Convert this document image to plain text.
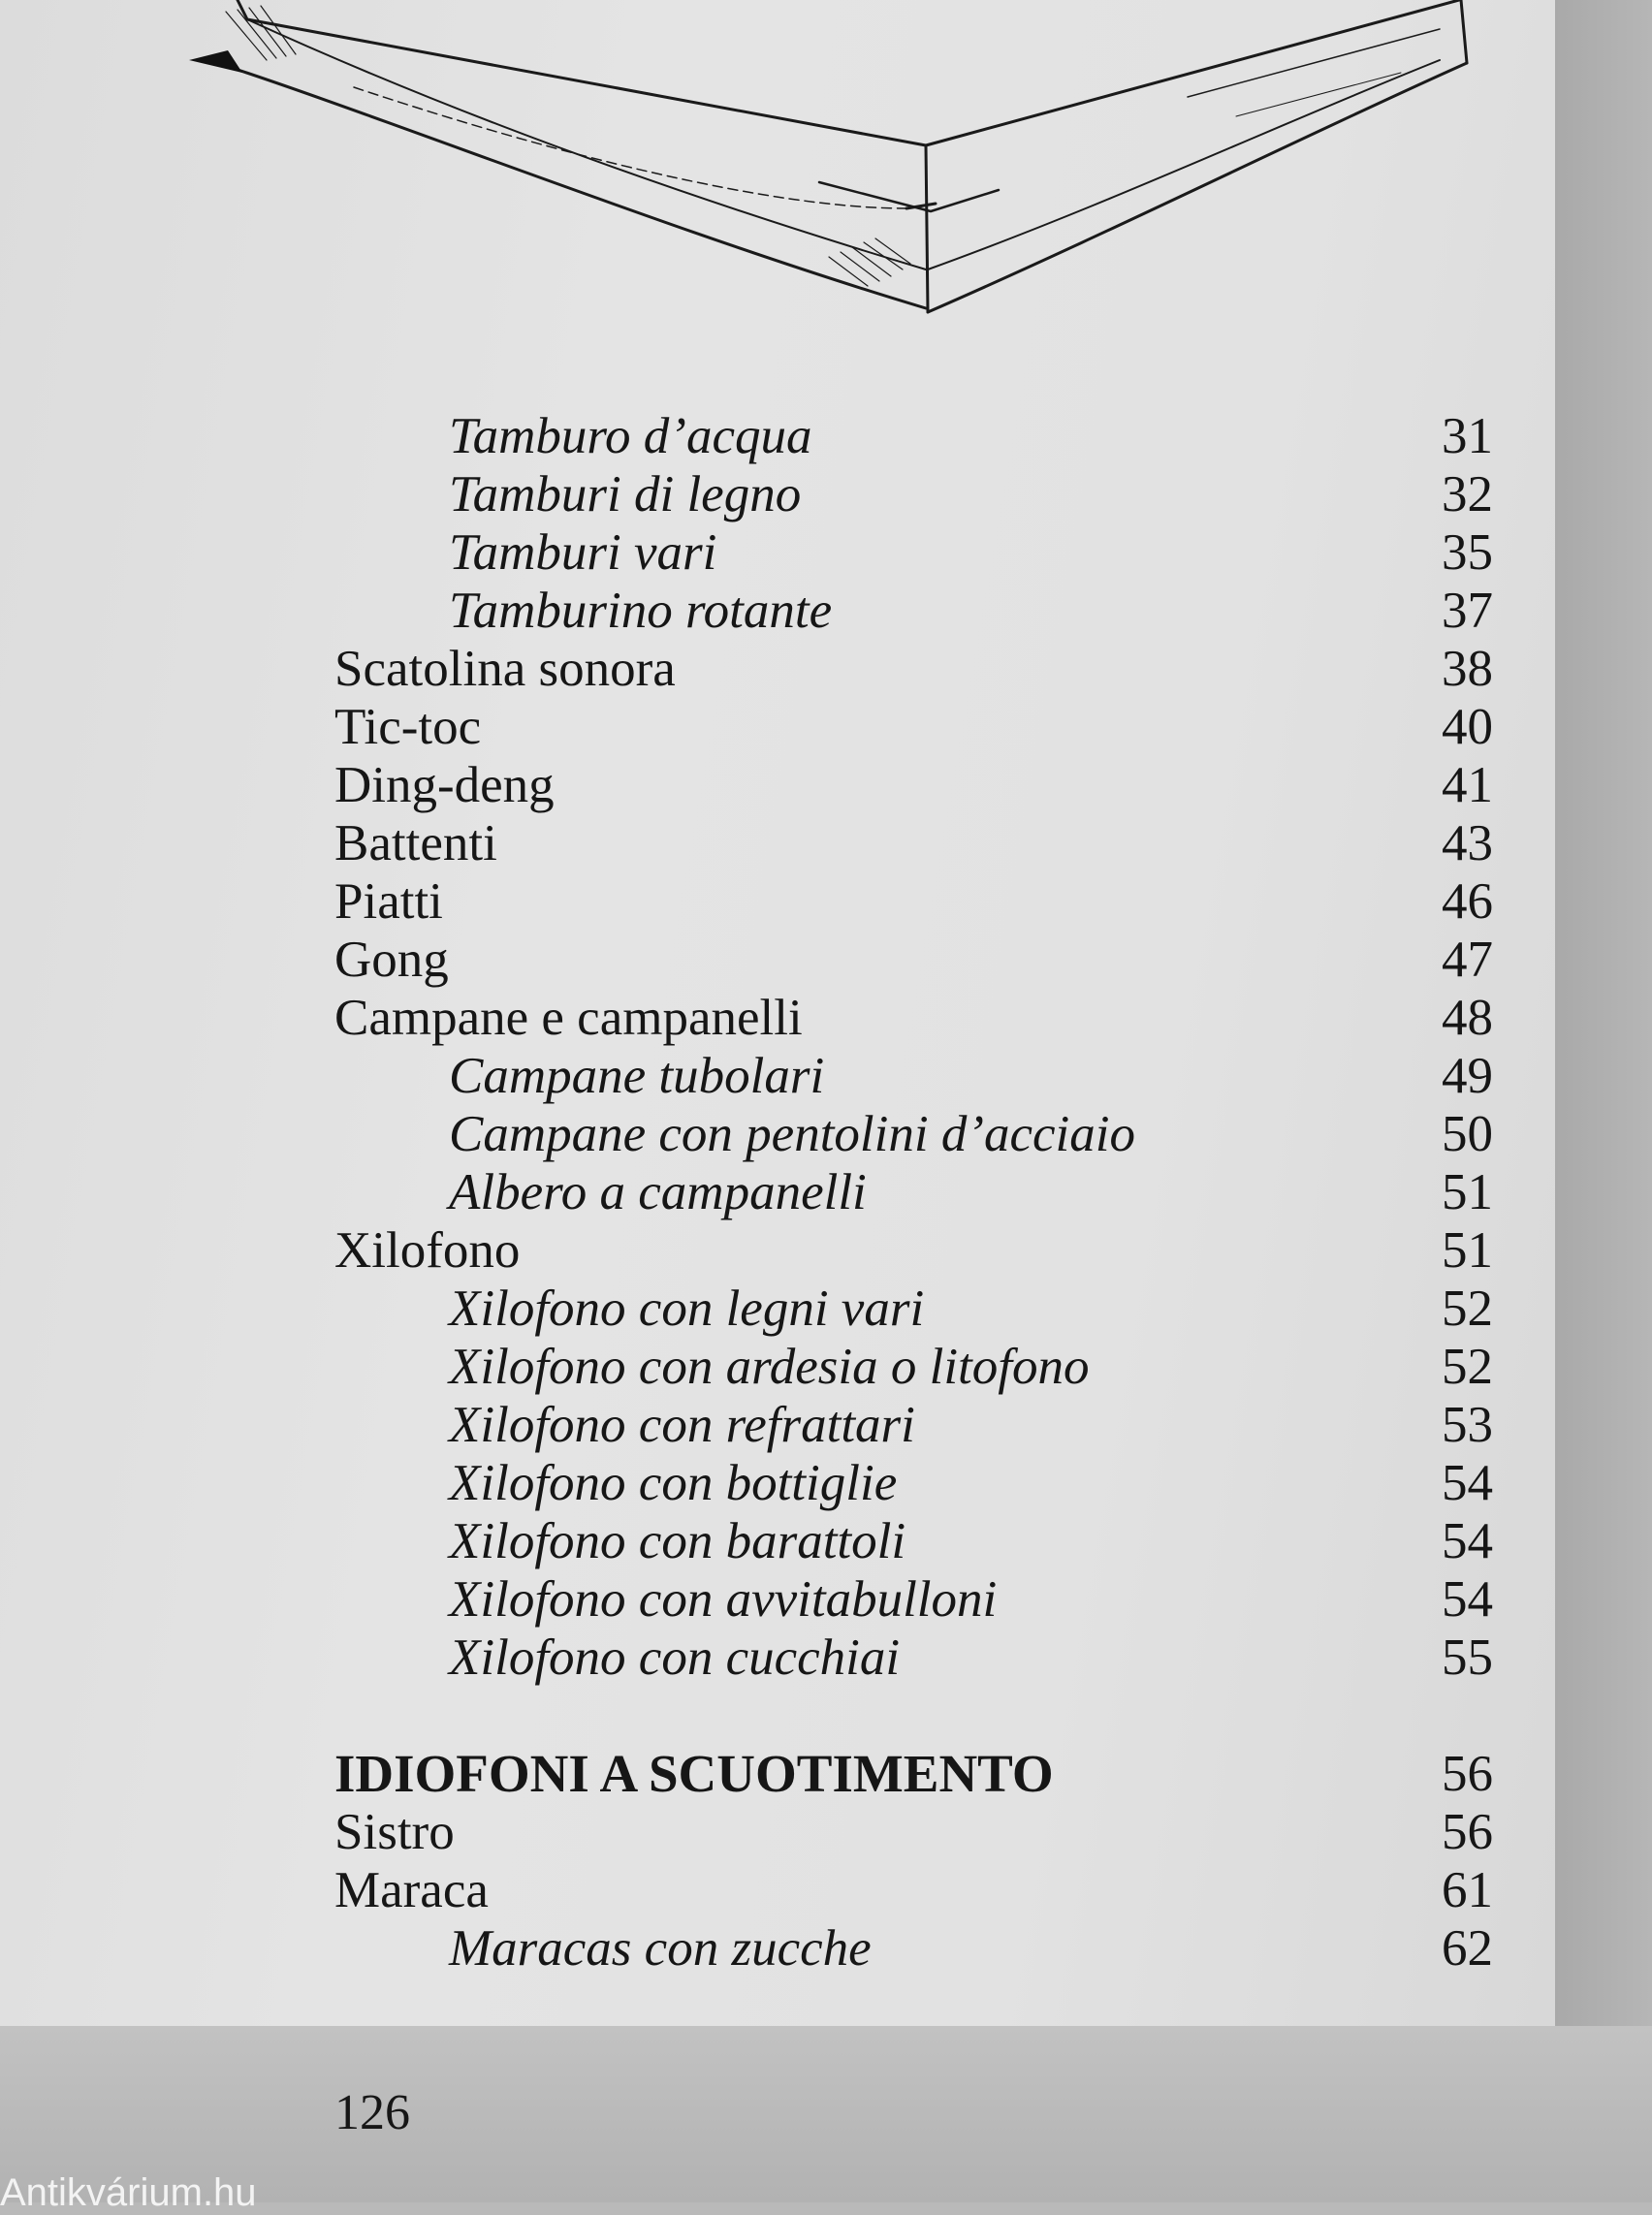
Tamburo d’acqua	31
Tamburi di legno	32
Tamburi vari	35
Tamburino rotante	37
Scatolina sonora	38
Tic-toc	40
Ding-deng	41
Battenti	43
Piatti	46
Gong	47
Campane e campanelli	48
Campane tubolari	49
Campane con pentolini d’acciaio	50
Albero a campanelli	51
Xilofono	51
Xilofono con legni vari	52
Xilofono con ardesia o litofono	52
Xilofono con refrattari	53
Xilofono con bottiglie	54
Xilofono con barattoli	54
Xilofono con avvitabulloni	54
Xilofono con cucchiai	55
IDIOFONI A SCUOTIMENTO	56
Sistro	56
Maraca	61
Maracas con zucche	62
126
Antikvárium.hu
